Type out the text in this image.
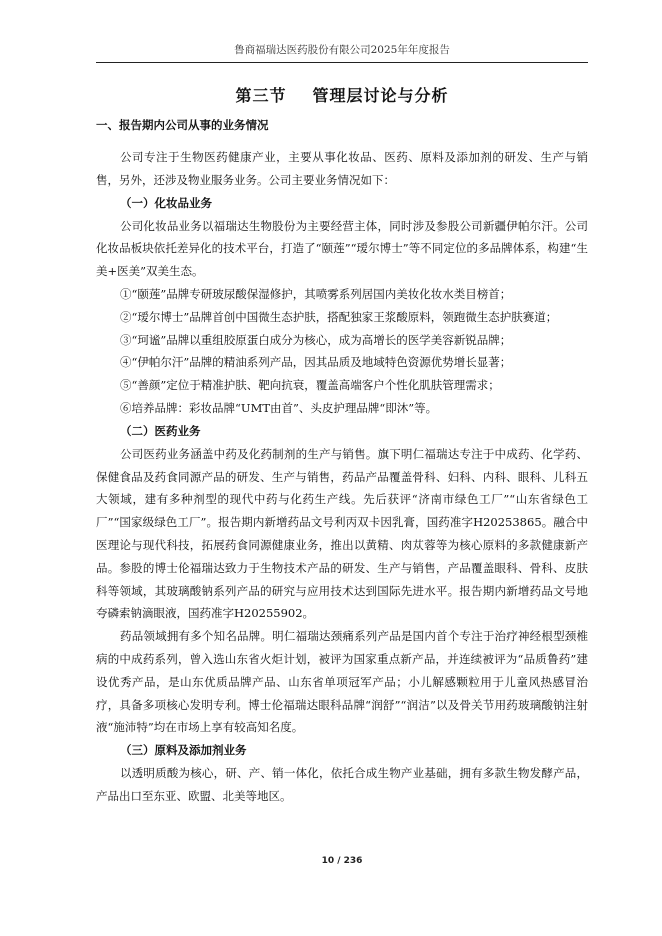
鲁商福瑞达医药股份有限公司2025年年度报告
第三节 管理层讨论与分析
一、报告期内公司从事的业务情况

公司专注于生物医药健康产业，主要从事化妆品、医药、原料及添加剂的研发、生产与销售，另外，还涉及物业服务业务。公司主要业务情况如下：

（一）化妆品业务

公司化妆品业务以福瑞达生物股份为主要经营主体，同时涉及参股公司新疆伊帕尔汗。公司化妆品板块依托差异化的技术平台，打造了“颐莲”“瑷尔博士”等不同定位的多品牌体系，构建“生美+医美”双美生态。

①“颐莲”品牌专研玻尿酸保湿修护，其喷雾系列居国内美妆化妆水类目榜首；
②“瑷尔博士”品牌首创中国微生态护肤，搭配独家王浆酸原料，领跑微生态护肤赛道；
③“珂谧”品牌以重组胶原蛋白成分为核心，成为高增长的医学美容新锐品牌；
④“伊帕尔汗”品牌的精油系列产品，因其品质及地域特色资源优势增长显著；
⑤“善颜”定位于精准护肤、靶向抗衰，覆盖高端客户个性化肌肤管理需求；
⑥培养品牌：彩妆品牌“UMT由首”、头皮护理品牌“即沐”等。
（二）医药业务

公司医药业务涵盖中药及化药制剂的生产与销售。旗下明仁福瑞达专注于中成药、化学药、保健食品及药食同源产品的研发、生产与销售，药品产品覆盖骨科、妇科、内科、眼科、儿科五大领域，建有多种剂型的现代中药与化药生产线。先后获评“济南市绿色工厂”“山东省绿色工厂”“国家级绿色工厂”。报告期内新增药品文号利丙双卡因乳膏，国药准字H20253865。融合中医理论与现代科技，拓展药食同源健康业务，推出以黄精、肉苁蓉等为核心原料的多款健康新产品。参股的博士伦福瑞达致力于生物技术产品的研发、生产与销售，产品覆盖眼科、骨科、皮肤科等领域，其玻璃酸钠系列产品的研究与应用技术达到国际先进水平。报告期内新增药品文号地夸磷索钠滴眼液，国药准字H20255902。

药品领域拥有多个知名品牌。明仁福瑞达颈痛系列产品是国内首个专注于治疗神经根型颈椎病的中成药系列，曾入选山东省火炬计划，被评为国家重点新产品，并连续被评为“品质鲁药”建设优秀产品，是山东优质品牌产品、山东省单项冠军产品；小儿解感颗粒用于儿童风热感冒治疗，具备多项核心发明专利。博士伦福瑞达眼科品牌“润舒”“润洁”以及骨关节用药玻璃酸钠注射液“施沛特”均在市场上享有较高知名度。

（三）原料及添加剂业务

以透明质酸为核心，研、产、销一体化，依托合成生物产业基础，拥有多款生物发酵产品，产品出口至东亚、欧盟、北美等地区。

10 / 236
